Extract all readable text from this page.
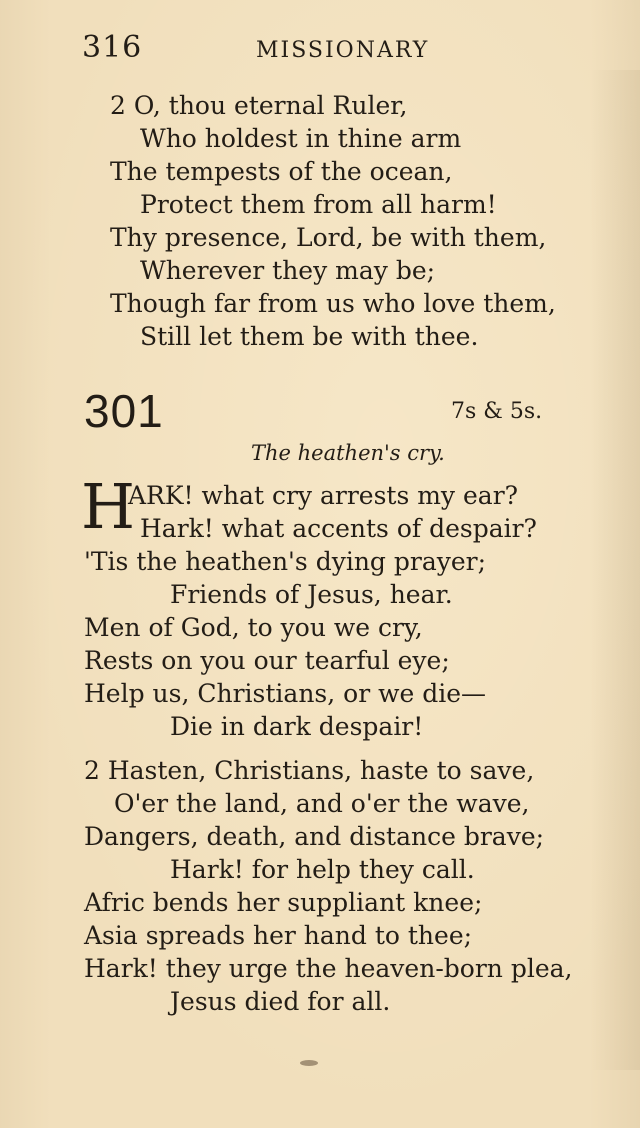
316	MISSIONARY
2 O, thou eternal Ruler,
Who holdest in thine arm
The tempests of the ocean,
Protect them from all harm!
Thy presence, Lord, be with them,
Wherever they may be;
Though far from us who love them,
Still let them be with thee.
301	7s & 5s.
The heathen's cry.
H
ARK! what cry arrests my ear?
Hark! what accents of despair?
'Tis the heathen's dying prayer;
Friends of Jesus, hear.
Men of God, to you we cry,
Rests on you our tearful eye;
Help us, Christians, or we die—
Die in dark despair!
2 Hasten, Christians, haste to save,
O'er the land, and o'er the wave,
Dangers, death, and distance brave;
Hark! for help they call.
Afric bends her suppliant knee;
Asia spreads her hand to thee;
Hark! they urge the heaven-born plea,
Jesus died for all.
